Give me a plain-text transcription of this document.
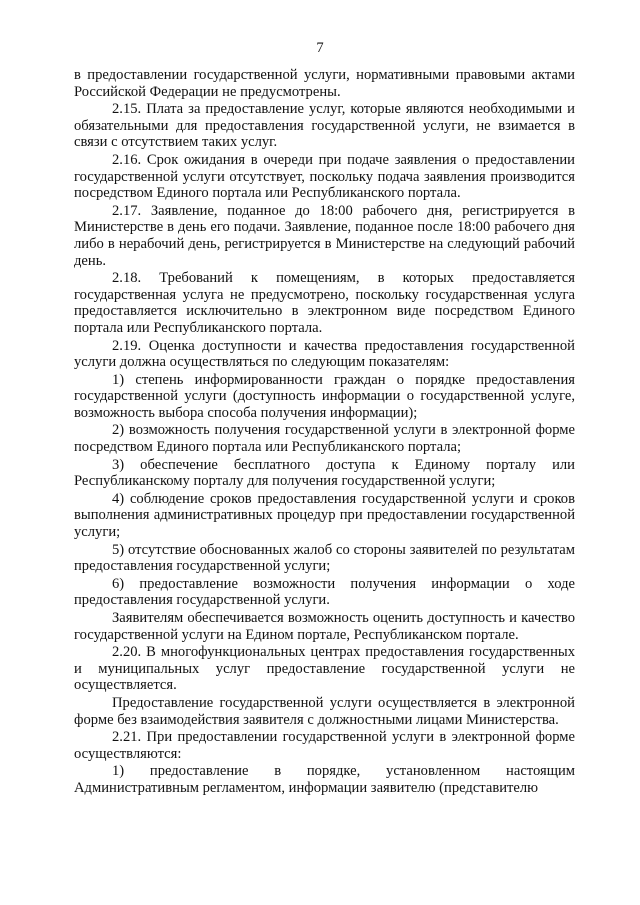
7

в предоставлении государственной услуги, нормативными правовыми актами Российской Федерации не предусмотрены.

2.15. Плата за предоставление услуг, которые являются необходимыми и обязательными для предоставления государственной услуги, не взимается в связи с отсутствием таких услуг.

2.16. Срок ожидания в очереди при подаче заявления о предоставлении государственной услуги отсутствует, поскольку подача заявления производится посредством Единого портала или Республиканского портала.

2.17. Заявление, поданное до 18:00 рабочего дня, регистрируется в Министерстве в день его подачи. Заявление, поданное после 18:00 рабочего дня либо в нерабочий день, регистрируется в Министерстве на следующий рабочий день.

2.18. Требований к помещениям, в которых предоставляется государственная услуга не предусмотрено, поскольку государственная услуга предоставляется исключительно в электронном виде посредством Единого портала или Республиканского портала.

2.19. Оценка доступности и качества предоставления государственной услуги должна осуществляться по следующим показателям:

1) степень информированности граждан о порядке предоставления государственной услуги (доступность информации о государственной услуге, возможность выбора способа получения информации);

2) возможность получения государственной услуги в электронной форме посредством Единого портала или Республиканского портала;

3) обеспечение бесплатного доступа к Единому порталу или Республиканскому порталу для получения государственной услуги;

4) соблюдение сроков предоставления государственной услуги и сроков выполнения административных процедур при предоставлении государственной услуги;

5) отсутствие обоснованных жалоб со стороны заявителей по результатам предоставления государственной услуги;

6) предоставление возможности получения информации о ходе предоставления государственной услуги.

Заявителям обеспечивается возможность оценить доступность и качество государственной услуги на Едином портале, Республиканском портале.

2.20. В многофункциональных центрах предоставления государственных и муниципальных услуг предоставление государственной услуги не осуществляется.

Предоставление государственной услуги осуществляется в электронной форме без взаимодействия заявителя с должностными лицами Министерства.

2.21. При предоставлении государственной услуги в электронной форме осуществляются:

1) предоставление в порядке, установленном настоящим Административным регламентом, информации заявителю (представителю
